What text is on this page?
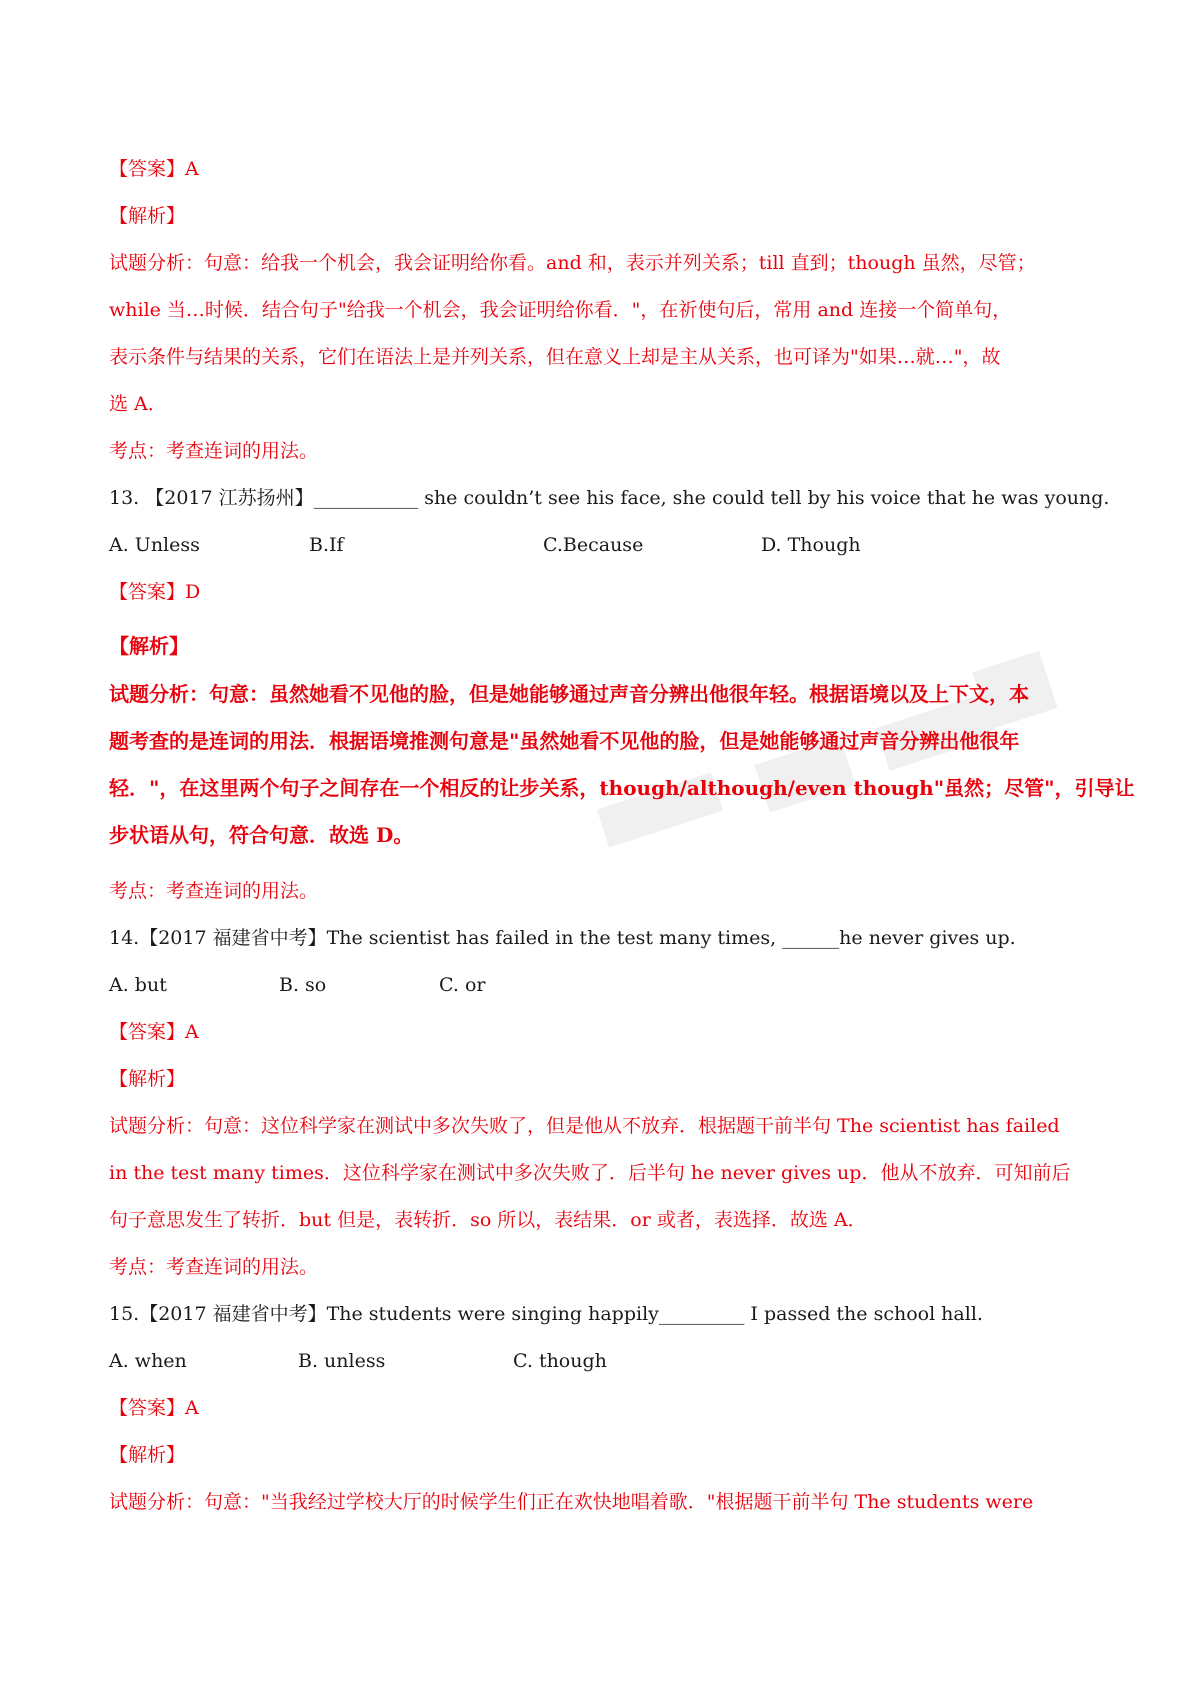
【答案】A
【解析】
试题分析：句意：给我一个机会，我会证明给你看。and 和，表示并列关系；till 直到；though 虽然，尽管；
while 当…时候．结合句子"给我一个机会，我会证明给你看．"，在祈使句后，常用 and 连接一个简单句，
表示条件与结果的关系，它们在语法上是并列关系，但在意义上却是主从关系，也可译为"如果…就…"，故
选 A．
考点：考查连词的用法。
13. 【2017 江苏扬州】___________ she couldn’t see his face, she could tell by his voice that he was young.
A. Unless	B.If	C.Because	D. Though
【答案】D
【解析】
试题分析：句意：虽然她看不见他的脸，但是她能够通过声音分辨出他很年轻。根据语境以及上下文，本
题考查的是连词的用法．根据语境推测句意是"虽然她看不见他的脸，但是她能够通过声音分辨出他很年
轻．"，在这里两个句子之间存在一个相反的让步关系，though/although/even though"虽然；尽管"，引导让
步状语从句，符合句意．故选 D。
考点：考查连词的用法。
14.【2017 福建省中考】The scientist has failed in the test many times, ______he never gives up.
A. but	B. so	C. or
【答案】A
【解析】
试题分析：句意：这位科学家在测试中多次失败了，但是他从不放弃．根据题干前半句 The scientist has failed
in the test many times．这位科学家在测试中多次失败了．后半句 he never gives up．他从不放弃．可知前后
句子意思发生了转折．but 但是，表转折．so 所以，表结果．or 或者，表选择．故选 A．
考点：考查连词的用法。
15.【2017 福建省中考】The students were singing happily_________ I passed the school hall.
A. when	B. unless	C. though
【答案】A
【解析】
试题分析：句意："当我经过学校大厅的时候学生们正在欢快地唱着歌．"根据题干前半句 The students were
